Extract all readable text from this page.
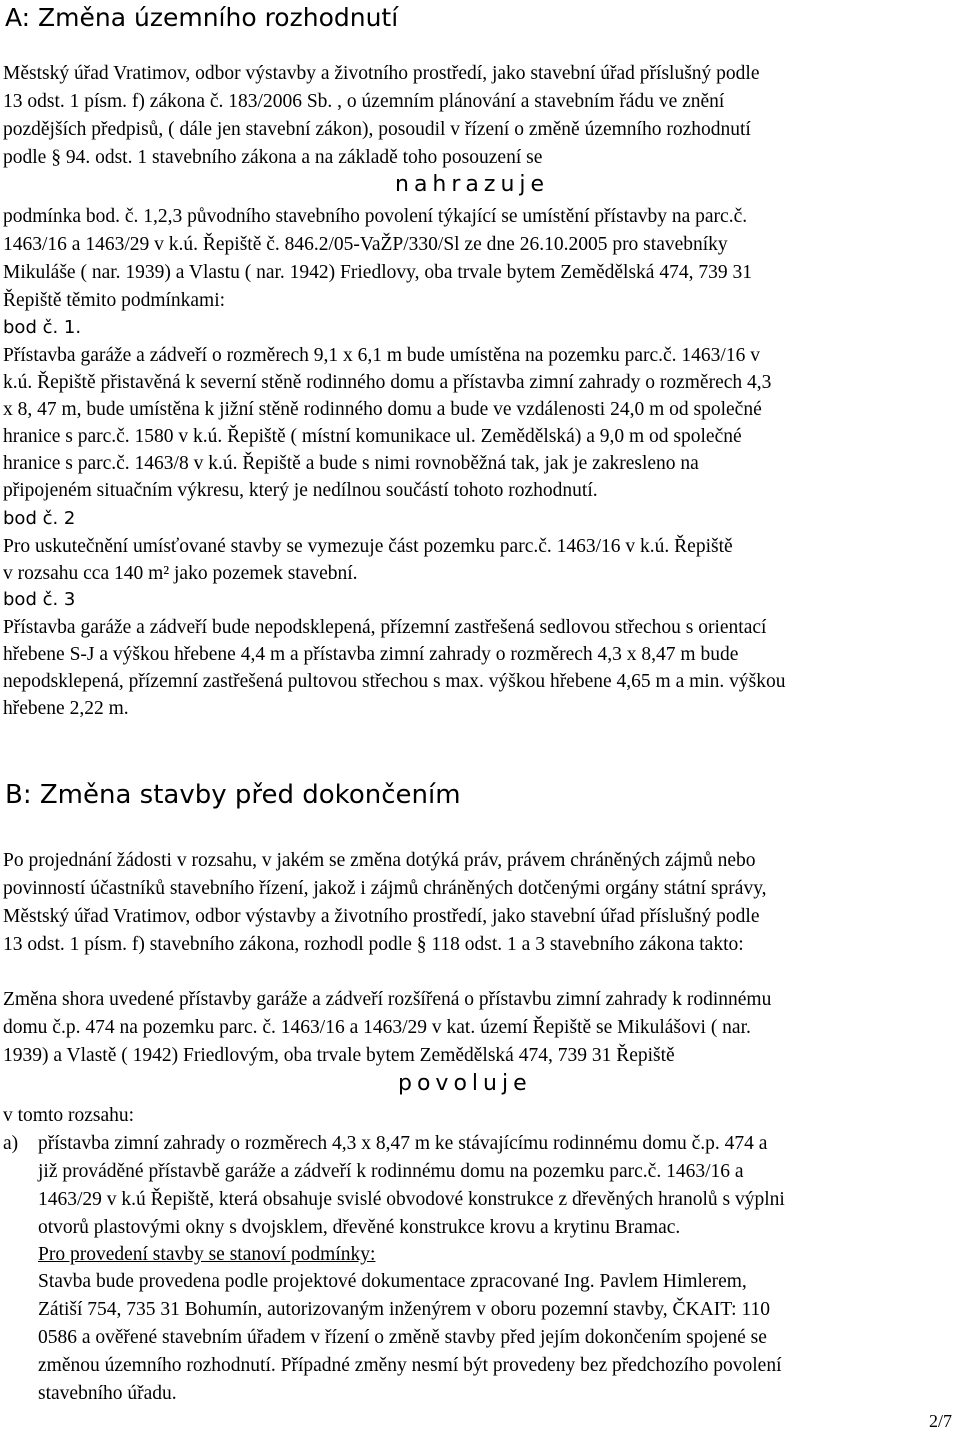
A: Změna územního rozhodnutí
Městský úřad Vratimov, odbor výstavby a životního prostředí, jako stavební úřad příslušný podle
13 odst. 1 písm. f) zákona č. 183/2006 Sb. , o územním plánování a stavebním řádu ve znění
pozdějších předpisů, ( dále jen stavební zákon), posoudil v řízení o změně územního rozhodnutí
podle § 94. odst. 1 stavebního zákona a na základě toho posouzení se
nahrazuje
podmínka bod. č. 1,2,3 původního stavebního povolení týkající se umístění přístavby na parc.č.
1463/16 a 1463/29 v k.ú. Řepiště č. 846.2/05-VaŽP/330/Sl ze dne 26.10.2005 pro stavebníky
Mikuláše ( nar. 1939) a Vlastu ( nar. 1942) Friedlovy, oba trvale bytem Zemědělská 474, 739 31
Řepiště těmito podmínkami:
bod č. 1.
Přístavba garáže a zádveří o rozměrech 9,1 x 6,1 m bude umístěna na pozemku parc.č. 1463/16 v
k.ú. Řepiště přistavěná k severní stěně rodinného domu a přístavba zimní zahrady o rozměrech 4,3
x 8, 47 m, bude umístěna k jižní stěně rodinného domu a bude ve vzdálenosti 24,0 m od společné
hranice s parc.č. 1580 v k.ú. Řepiště ( místní komunikace ul. Zemědělská) a 9,0 m od společné
hranice s parc.č. 1463/8 v k.ú. Řepiště a bude s nimi rovnoběžná tak, jak je zakresleno na
připojeném situačním výkresu, který je nedílnou součástí tohoto rozhodnutí.
bod č. 2
Pro uskutečnění umísťované stavby se vymezuje část pozemku parc.č. 1463/16 v k.ú. Řepiště
v rozsahu cca 140 m² jako pozemek stavební.
bod č. 3
Přístavba garáže a zádveří bude nepodsklepená, přízemní zastřešená sedlovou střechou s orientací
hřebene S-J a výškou hřebene 4,4 m a přístavba zimní zahrady o rozměrech 4,3 x 8,47 m bude
nepodsklepená, přízemní zastřešená pultovou střechou s max. výškou hřebene 4,65 m a min. výškou
hřebene 2,22 m.
B: Změna stavby před dokončením
Po projednání žádosti v rozsahu, v jakém se změna dotýká práv, právem chráněných zájmů nebo
povinností účastníků stavebního řízení, jakož i zájmů chráněných dotčenými orgány státní správy,
Městský úřad Vratimov, odbor výstavby a životního prostředí, jako stavební úřad příslušný podle
13 odst. 1 písm. f) stavebního zákona, rozhodl podle § 118 odst. 1 a 3 stavebního zákona takto:
Změna shora uvedené přístavby garáže a zádveří rozšířená o přístavbu zimní zahrady k rodinnému
domu č.p. 474 na pozemku parc. č. 1463/16 a 1463/29 v kat. území Řepiště se Mikulášovi ( nar.
1939) a Vlastě ( 1942) Friedlovým, oba trvale bytem Zemědělská 474, 739 31 Řepiště
povoluje
v tomto rozsahu:
a) přístavba zimní zahrady o rozměrech 4,3 x 8,47 m ke stávajícímu rodinnému domu č.p. 474 a
již prováděné přístavbě garáže a zádveří k rodinnému domu na pozemku parc.č. 1463/16 a
1463/29 v k.ú Řepiště, která obsahuje svislé obvodové konstrukce z dřevěných hranolů s výplni
otvorů plastovými okny s dvojsklem, dřevěné konstrukce krovu a krytinu Bramac.
Pro provedení stavby se stanoví podmínky:
Stavba bude provedena podle projektové dokumentace zpracované Ing. Pavlem Himlerem,
Zátiší 754, 735 31 Bohumín, autorizovaným inženýrem v oboru pozemní stavby, ČKAIT: 110
0586 a ověřené stavebním úřadem v řízení o změně stavby před jejím dokončením spojené se
změnou územního rozhodnutí. Případné změny nesmí být provedeny bez předchozího povolení
stavebního úřadu.
2/7
